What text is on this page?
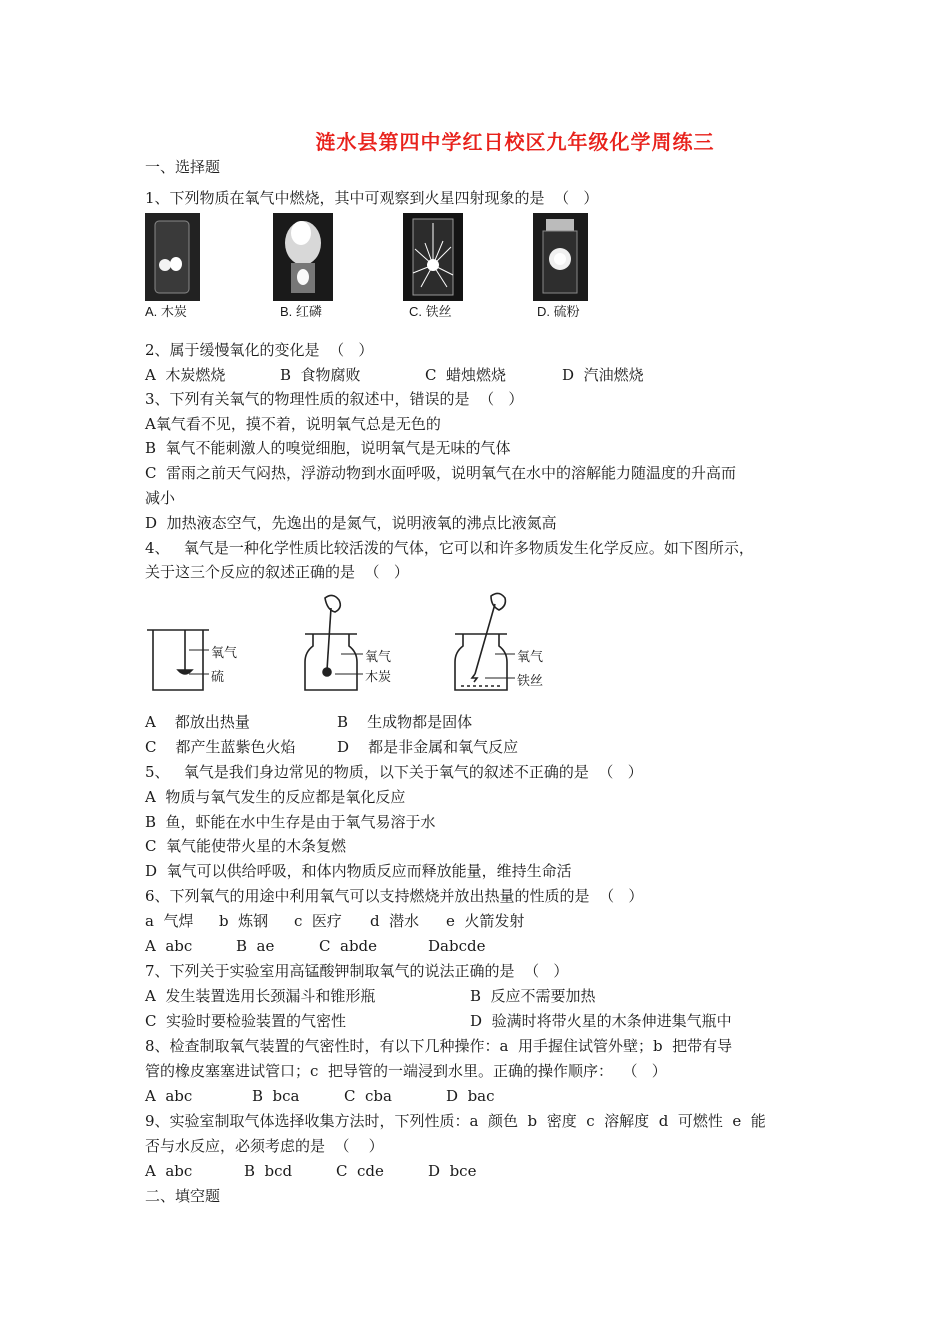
涟水县第四中学红日校区九年级化学周练三
一、选择题
1、下列物质在氧气中燃烧，其中可观察到火星四射现象的是  （   ）
A. 木炭	B. 红磷	C. 铁丝	D. 硫粉
2、属于缓慢氧化的变化是  （   ）
A  木炭燃烧	B  食物腐败	C  蜡烛燃烧	D  汽油燃烧
3、下列有关氧气的物理性质的叙述中，错误的是  （   ）
A氧气看不见，摸不着，说明氧气总是无色的
B  氧气不能刺激人的嗅觉细胞，说明氧气是无味的气体
C  雷雨之前天气闷热，浮游动物到水面呼吸，说明氧气在水中的溶解能力随温度的升高而
减小
D  加热液态空气，先逸出的是氮气，说明液氧的沸点比液氮高
4、   氧气是一种化学性质比较活泼的气体，它可以和许多物质发生化学反应。如下图所示，
关于这三个反应的叙述正确的是  （   ）
氧气
硫
氧气
木炭
氧气
铁丝
A    都放出热量	B    生成物都是固体
C    都产生蓝紫色火焰	D    都是非金属和氧气反应
5、   氧气是我们身边常见的物质，以下关于氧气的叙述不正确的是  （   ）
A  物质与氧气发生的反应都是氧化反应
B  鱼，虾能在水中生存是由于氧气易溶于水
C  氧气能使带火星的木条复燃
D  氧气可以供给呼吸，和体内物质反应而释放能量，维持生命活
6、下列氧气的用途中利用氧气可以支持燃烧并放出热量的性质的是  （   ）
a  气焊 b  炼钢 c  医疗 d  潜水 e  火箭发射
A  abc	B  ae	C  abde	Dabcde
7、下列关于实验室用高锰酸钾制取氧气的说法正确的是  （   ）
A  发生装置选用长颈漏斗和锥形瓶	B  反应不需要加热
C  实验时要检验装置的气密性	D  验满时将带火星的木条伸进集气瓶中
8、检查制取氧气装置的气密性时，有以下几种操作：a  用手握住试管外壁；b  把带有导
管的橡皮塞塞进试管口；c  把导管的一端浸到水里。正确的操作顺序：  （   ）
A  abc	B  bca	C  cba	D  bac
9、实验室制取气体选择收集方法时，下列性质：a  颜色  b  密度  c  溶解度  d  可燃性  e  能
否与水反应，必须考虑的是  （    ）
A  abc	B  bcd	C  cde	D  bce
二、填空题
